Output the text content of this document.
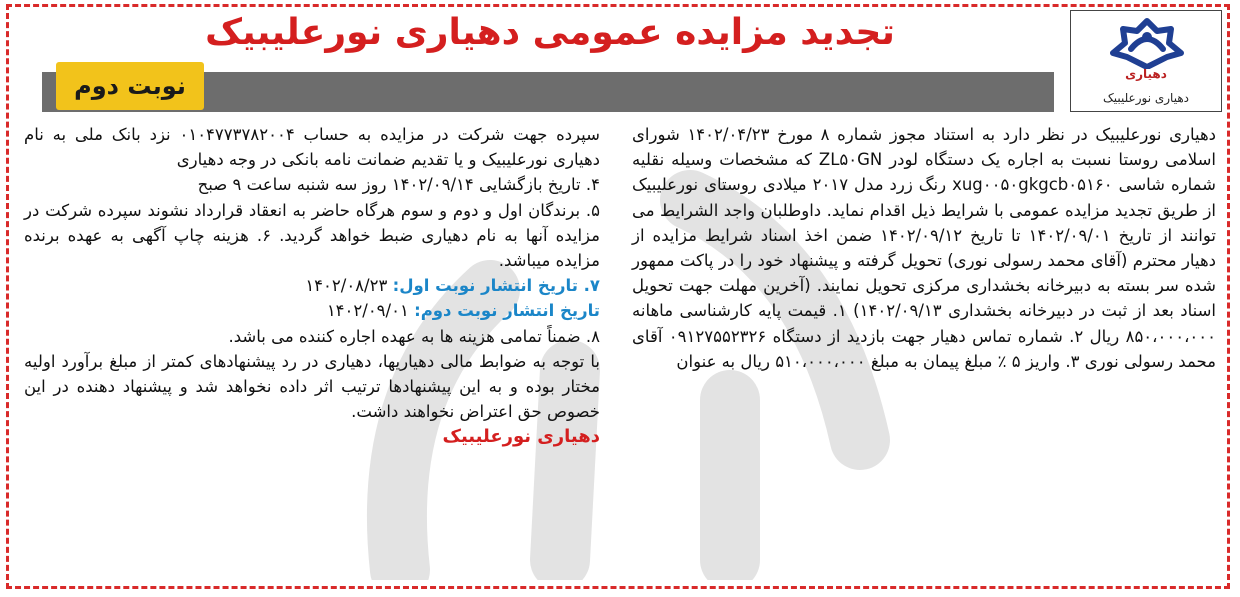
دهیاری
دهیاری نورعلیبیک
تجدید مزایده عمومی دهیاری نورعلیبیک
نوبت دوم

دهیاری نورعلیبیک در نظر دارد به استناد مجوز شماره ۸ مورخ ۱۴۰۲/۰۴/۲۳ شورای اسلامی روستا نسبت به اجاره یک دستگاه لودر ZL۵۰GN که مشخصات وسیله نقلیه شماره شاسی xug۰۰۵۰gkgcb۰۵۱۶۰ رنگ زرد مدل ۲۰۱۷ میلادی روستای نورعلیبیک از طریق تجدید مزایده عمومی با شرایط ذیل اقدام نماید. داوطلبان واجد الشرایط می توانند از تاریخ ۱۴۰۲/۰۹/۰۱ تا تاریخ ۱۴۰۲/۰۹/۱۲ ضمن اخذ اسناد شرایط مزایده از دهیار محترم (آقای محمد رسولی نوری) تحویل گرفته و پیشنهاد خود را در پاکت ممهور شده سر بسته به دبیرخانه بخشداری مرکزی تحویل نمایند. (آخرین مهلت جهت تحویل اسناد بعد از ثبت در دبیرخانه بخشداری ۱۴۰۲/۰۹/۱۳) ۱. قیمت پایه کارشناسی ماهانه ۸۵۰،۰۰۰،۰۰۰ ریال ۲. شماره تماس دهیار جهت بازدید از دستگاه ۰۹۱۲۷۵۵۲۳۲۶ آقای محمد رسولی نوری ۳. واریز ۵ ٪ مبلغ پیمان به مبلغ ۵۱۰،۰۰۰،۰۰۰ ریال به عنوان

سپرده جهت شرکت در مزایده به حساب ۰۱۰۴۷۷۳۷۸۲۰۰۴ نزد بانک ملی به نام دهیاری نورعلیبیک و یا تقدیم ضمانت نامه بانکی در وجه دهیاری

۴. تاریخ بازگشایی ۱۴۰۲/۰۹/۱۴ روز سه شنبه ساعت ۹ صبح

۵. برندگان اول و دوم و سوم هرگاه حاضر به انعقاد قرارداد نشوند سپرده شرکت در مزایده آنها به نام دهیاری ضبط خواهد گردید. ۶. هزینه چاپ آگهی به عهده برنده مزایده میباشد.

۷. تاریخ انتشار نوبت اول: ۱۴۰۲/۰۸/۲۳

تاریخ انتشار نوبت دوم: ۱۴۰۲/۰۹/۰۱

۸. ضمناً تمامی هزینه ها به عهده اجاره کننده می باشد.

با توجه به ضوابط مالی دهیاریها، دهیاری در رد پیشنهادهای کمتر از مبلغ برآورد اولیه مختار بوده و به این پیشنهادها ترتیب اثر داده نخواهد شد و پیشنهاد دهنده در این خصوص حق اعتراض نخواهند داشت.

دهیاری نورعلیبیک
